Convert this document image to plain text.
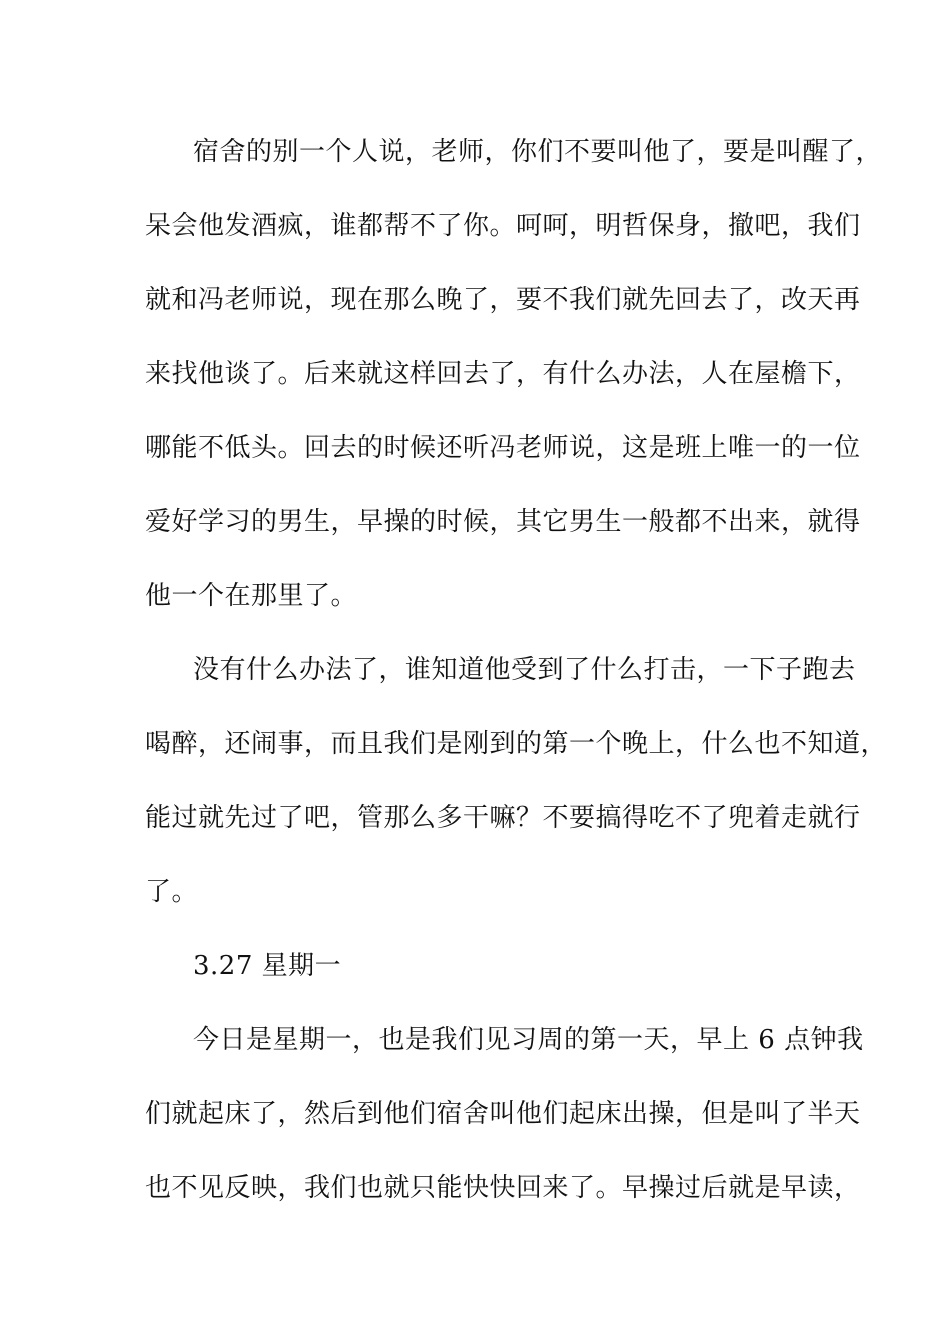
宿舍的别一个人说，老师，你们不要叫他了，要是叫醒了，
呆会他发酒疯，谁都帮不了你。呵呵，明哲保身，撤吧，我们
就和冯老师说，现在那么晚了，要不我们就先回去了，改天再
来找他谈了。后来就这样回去了，有什么办法，人在屋檐下，
哪能不低头。回去的时候还听冯老师说，这是班上唯一的一位
爱好学习的男生，早操的时候，其它男生一般都不出来，就得
他一个在那里了。
没有什么办法了，谁知道他受到了什么打击，一下子跑去
喝醉，还闹事，而且我们是刚到的第一个晚上，什么也不知道，
能过就先过了吧，管那么多干嘛？不要搞得吃不了兜着走就行
了。
3.27 星期一
今日是星期一，也是我们见习周的第一天，早上 6 点钟我
们就起床了，然后到他们宿舍叫他们起床出操，但是叫了半天
也不见反映，我们也就只能快快回来了。早操过后就是早读，
